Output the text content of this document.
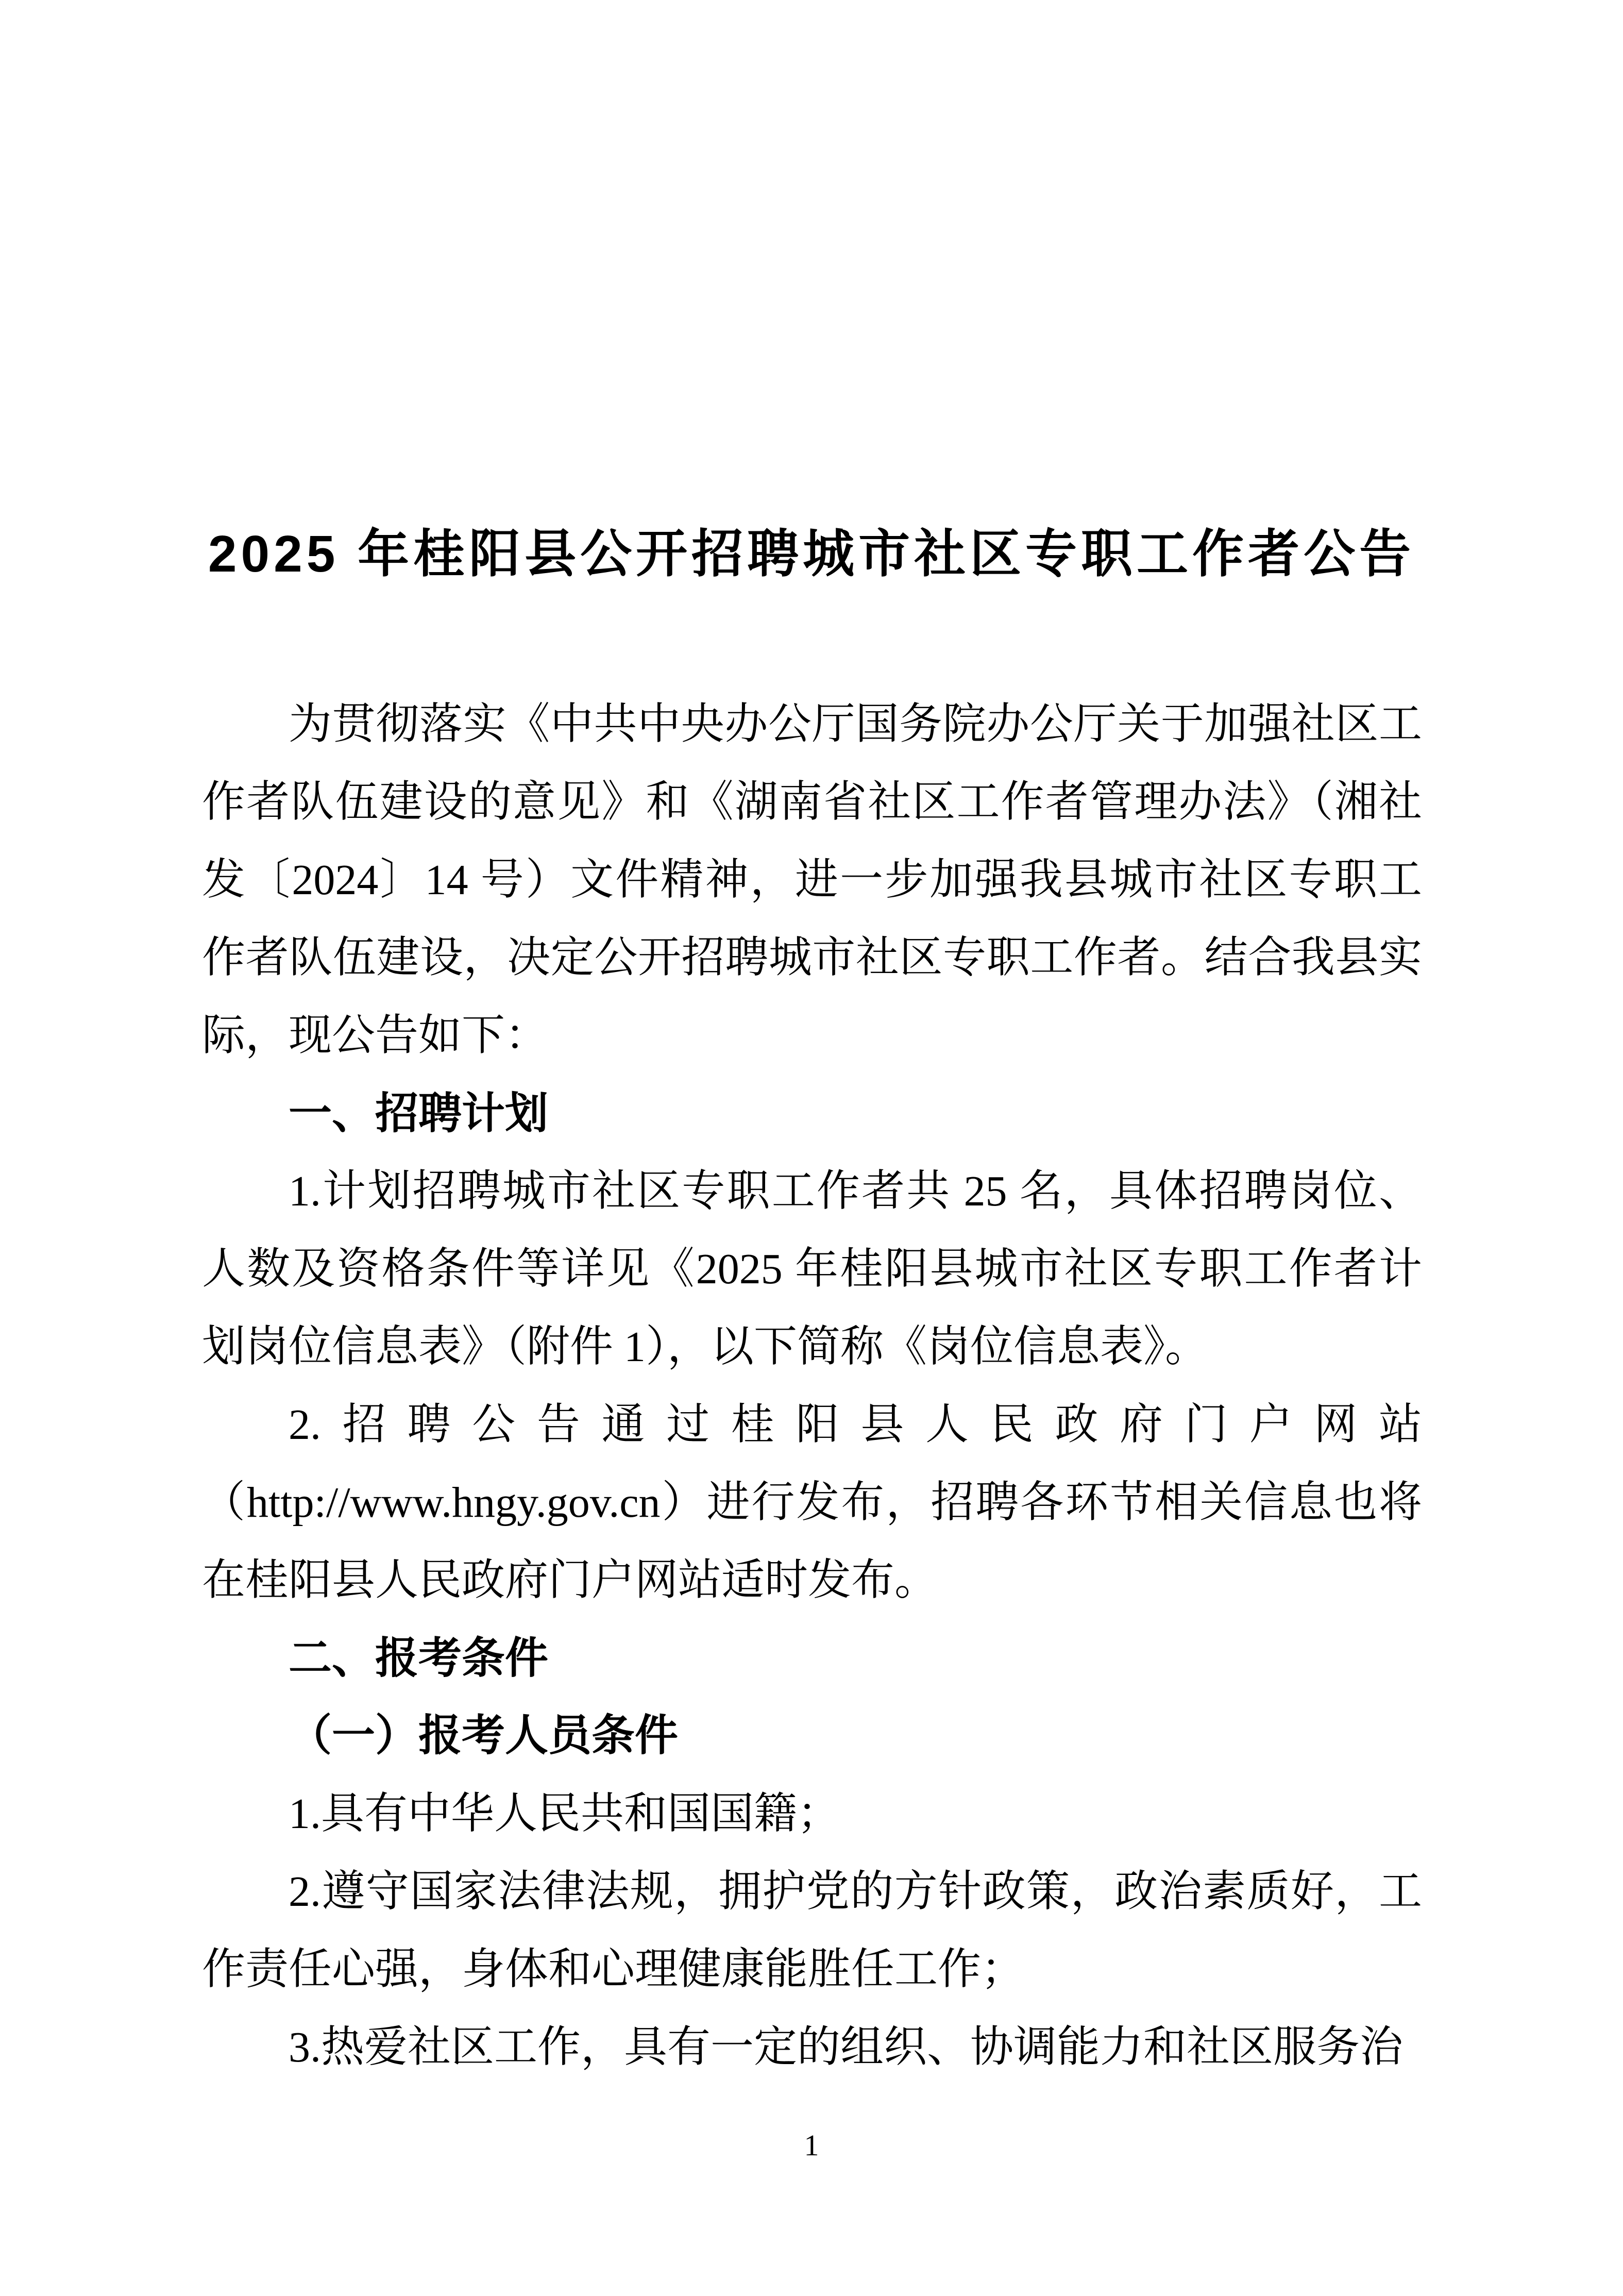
2025 年桂阳县公开招聘城市社区专职工作者公告

为贯彻落实《中共中央办公厅国务院办公厅关于加强社区工作者队伍建设的意见》和《湖南省社区工作者管理办法》（湘社发〔2024〕14 号）文件精神，进一步加强我县城市社区专职工作者队伍建设，决定公开招聘城市社区专职工作者。结合我县实际，现公告如下：

一、招聘计划

1.计划招聘城市社区专职工作者共 25 名，具体招聘岗位、人数及资格条件等详见《2025 年桂阳县城市社区专职工作者计划岗位信息表》（附件 1），以下简称《岗位信息表》。

2.招聘公告通过桂阳县人民政府门户网站（http://www.hngy.gov.cn）进行发布，招聘各环节相关信息也将在桂阳县人民政府门户网站适时发布。

二、报考条件
（一）报考人员条件

1.具有中华人民共和国国籍；

2.遵守国家法律法规，拥护党的方针政策，政治素质好，工作责任心强，身体和心理健康能胜任工作；

3.热爱社区工作，具有一定的组织、协调能力和社区服务治

1
